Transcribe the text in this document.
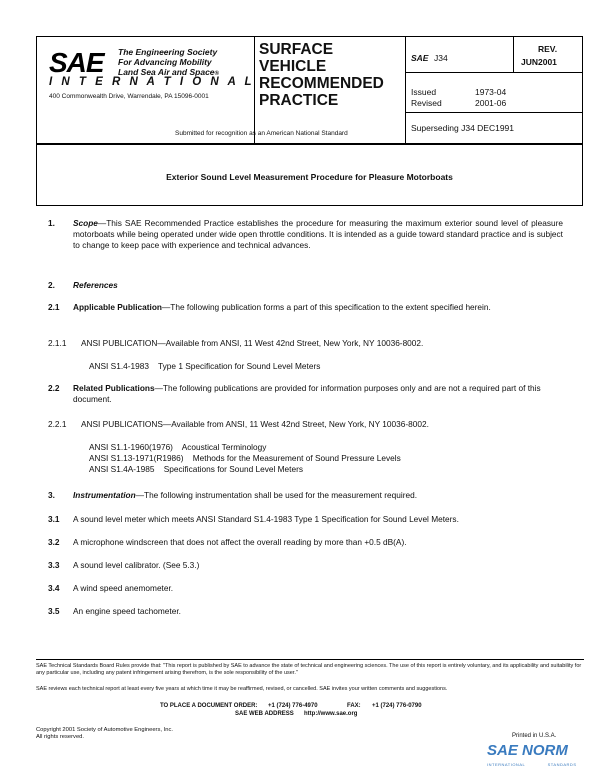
SAE The Engineering Society
For Advancing Mobility
Land Sea Air and Space®
I N T E R N A T I O N A L
400 Commonwealth Drive, Warrendale, PA 15096-0001
SURFACE
VEHICLE
RECOMMENDED
PRACTICE
Submitted for recognition as an American National Standard
SAE J34
REV.
JUN2001
Issued	1973-04
Revised	2001-06
Superseding J34 DEC1991
Exterior Sound Level Measurement Procedure for Pleasure Motorboats
1. Scope—This SAE Recommended Practice establishes the procedure for measuring the maximum exterior sound level of pleasure motorboats while being operated under wide open throttle conditions. It is intended as a guide toward standard practice and is subject to change to keep pace with experience and technical advances.
2. References
2.1 Applicable Publication—The following publication forms a part of this specification to the extent specified herein.
2.1.1 ANSI PUBLICATION—Available from ANSI, 11 West 42nd Street, New York, NY 10036-8002.
ANSI S1.4-1983    Type 1 Specification for Sound Level Meters
2.2 Related Publications—The following publications are provided for information purposes only and are not a required part of this document.
2.2.1 ANSI PUBLICATIONS—Available from ANSI, 11 West 42nd Street, New York, NY 10036-8002.
ANSI S1.1-1960(1976)    Acoustical Terminology
ANSI S1.13-1971(R1986)    Methods for the Measurement of Sound Pressure Levels
ANSI S1.4A-1985    Specifications for Sound Level Meters
3. Instrumentation—The following instrumentation shall be used for the measurement required.
3.1 A sound level meter which meets ANSI Standard S1.4-1983 Type 1 Specification for Sound Level Meters.
3.2 A microphone windscreen that does not affect the overall reading by more than +0.5 dB(A).
3.3 A sound level calibrator. (See 5.3.)
3.4 A wind speed anemometer.
3.5 An engine speed tachometer.
SAE Technical Standards Board Rules provide that: "This report is published by SAE to advance the state of technical and engineering sciences. The use of this report is entirely voluntary, and its applicability and suitability for any particular use, including any patent infringement arising therefrom, is the sole responsibility of the user."
SAE reviews each technical report at least every five years at which time it may be reaffirmed, revised, or cancelled. SAE invites your written comments and suggestions.
TO PLACE A DOCUMENT ORDER: +1 (724) 776-4970	FAX: +1 (724) 776-0790
SAE WEB ADDRESS http://www.sae.org
Copyright 2001 Society of Automotive Engineers, Inc.
All rights reserved.	Printed in U.S.A.
SAE NORM
INTERNATIONAL              STANDARDS
